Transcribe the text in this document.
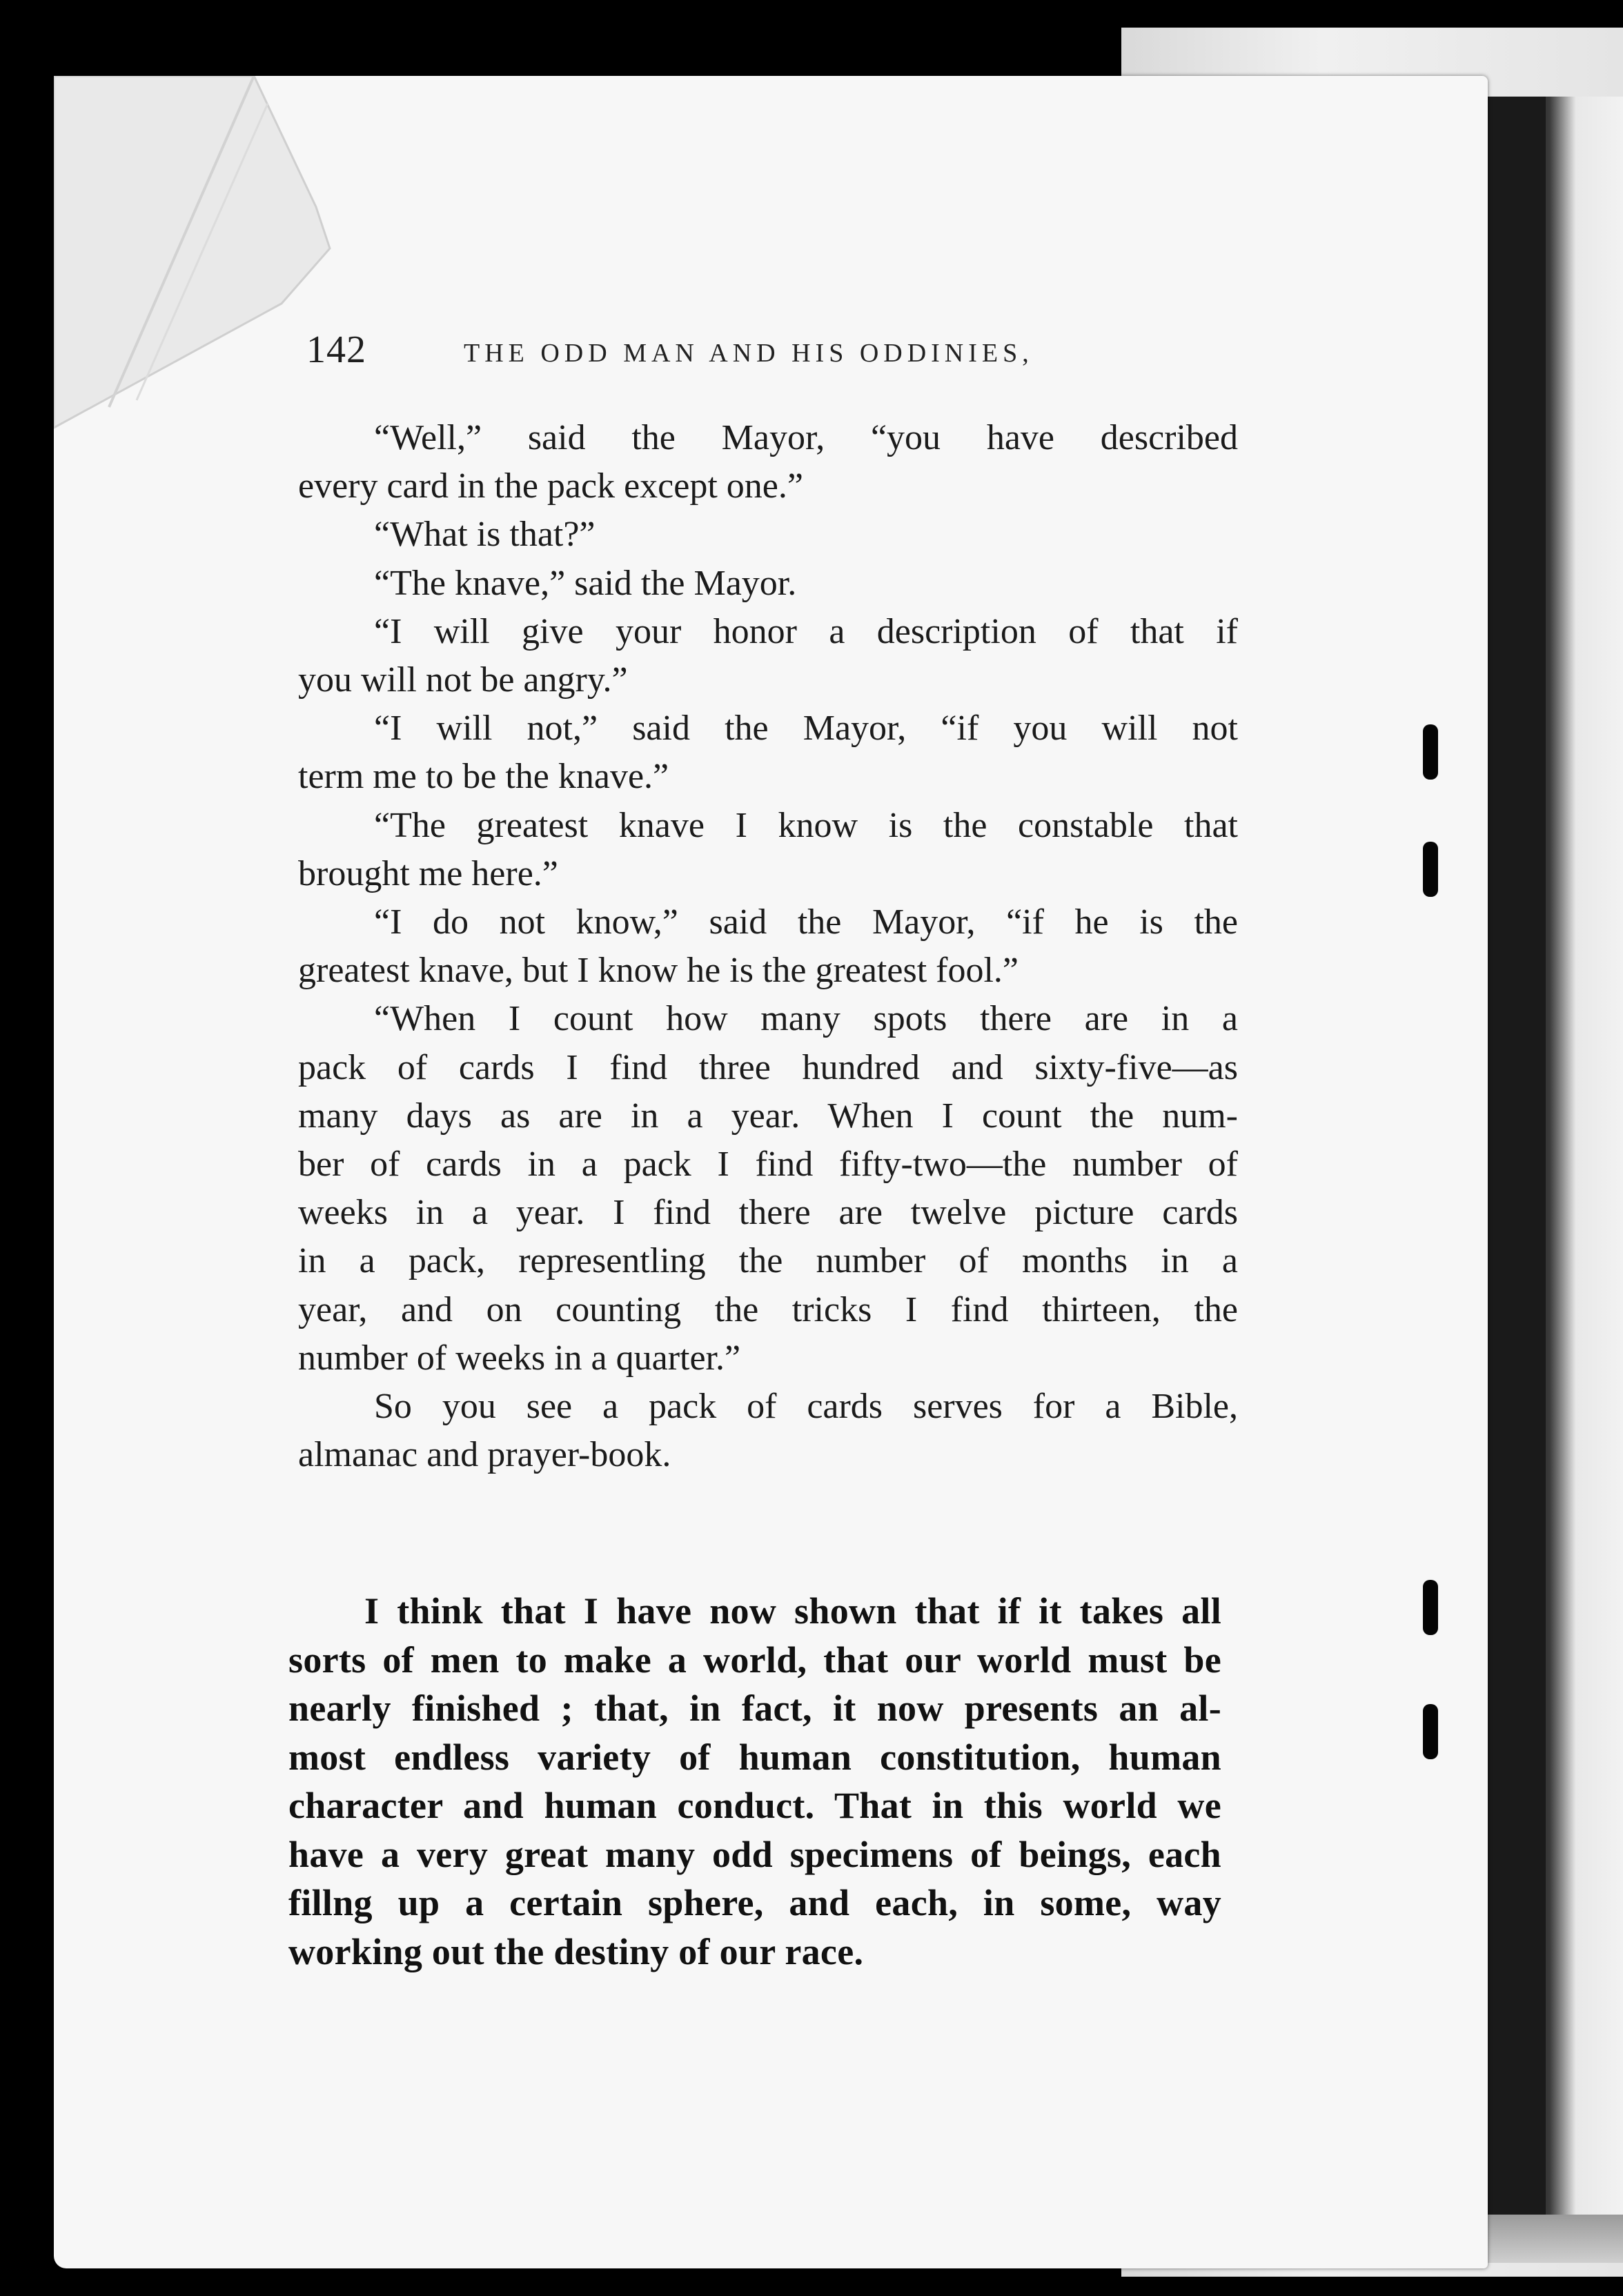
142	THE ODD MAN AND HIS ODDINIES,
“Well,” said the Mayor, “you have described
every card in the pack except one.”
“What is that?”
“The knave,” said the Mayor.
“I will give your honor a description of that if
you will not be angry.”
“I will not,” said the Mayor, “if you will not
term me to be the knave.”
“The greatest knave I know is the constable that
brought me here.”
“I do not know,” said the Mayor, “if he is the
greatest knave, but I know he is the greatest fool.”
“When I count how many spots there are in a
pack of cards I find three hundred and sixty-five—as
many days as are in a year. When I count the num-
ber of cards in a pack I find fifty-two—the number of
weeks in a year. I find there are twelve picture cards
in a pack, representling the number of months in a
year, and on counting the tricks I find thirteen, the
number of weeks in a quarter.”
So you see a pack of cards serves for a Bible,
almanac and prayer-book.
I think that I have now shown that if it takes all
sorts of men to make a world, that our world must be
nearly finished ; that, in fact, it now presents an al-
most endless variety of human constitution, human
character and human conduct. That in this world we
have a very great many odd specimens of beings, each
fillng up a certain sphere, and each, in some, way
working out the destiny of our race.
